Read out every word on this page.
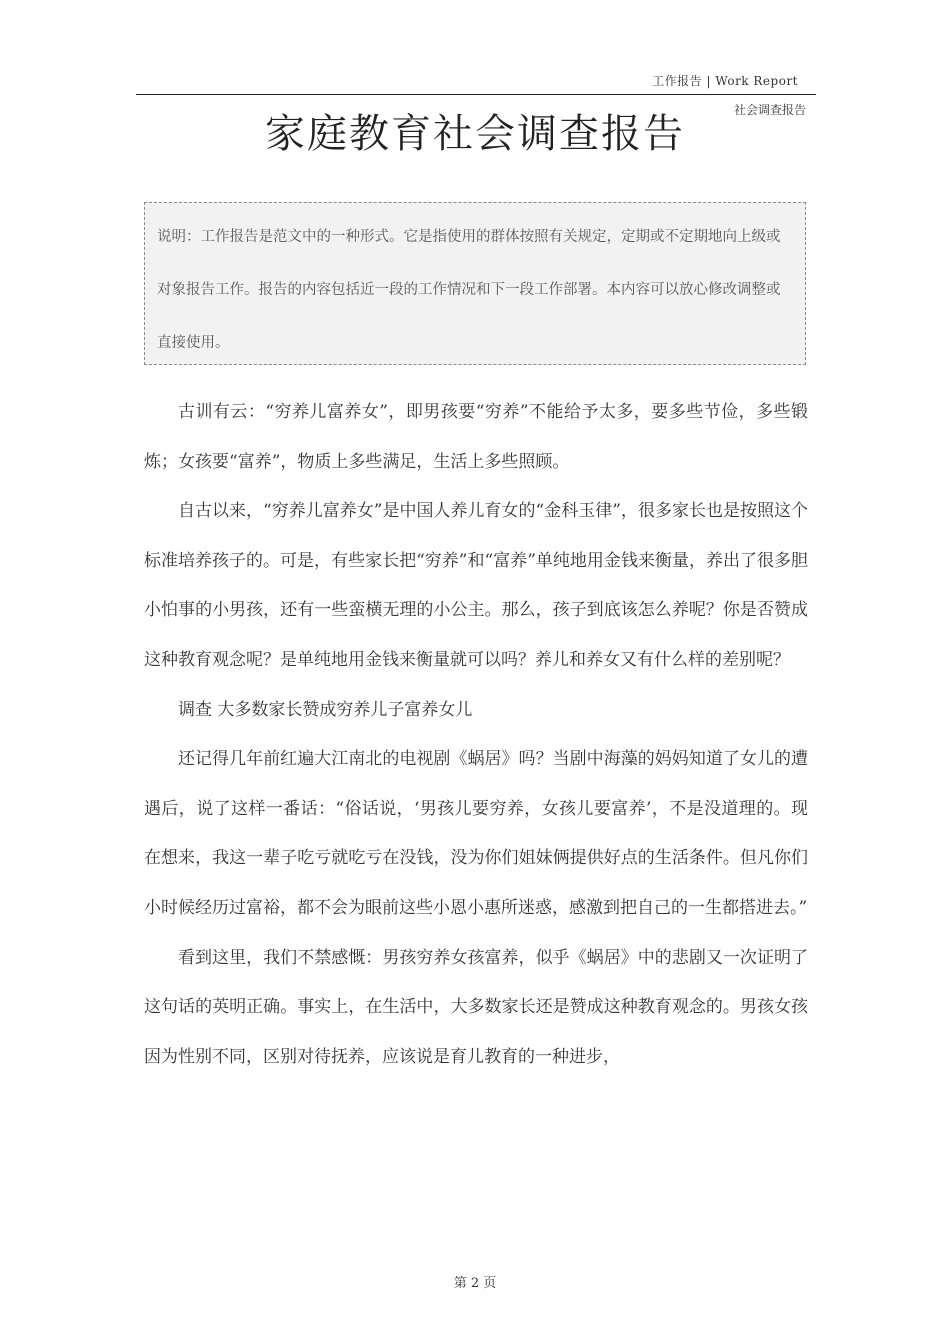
工作报告 | Work Report
社会调查报告
家庭教育社会调查报告
说明：工作报告是范文中的一种形式。它是指使用的群体按照有关规定，定期或不定期地向上级或对象报告工作。报告的内容包括近一段的工作情况和下一段工作部署。本内容可以放心修改调整或直接使用。

古训有云：“穷养儿富养女”，即男孩要“穷养”不能给予太多，要多些节俭，多些锻炼；女孩要“富养”，物质上多些满足，生活上多些照顾。

自古以来，“穷养儿富养女”是中国人养儿育女的“金科玉律”，很多家长也是按照这个标准培养孩子的。可是，有些家长把“穷养”和“富养”单纯地用金钱来衡量，养出了很多胆小怕事的小男孩，还有一些蛮横无理的小公主。那么，孩子到底该怎么养呢？你是否赞成这种教育观念呢？是单纯地用金钱来衡量就可以吗？养儿和养女又有什么样的差别呢？

调查 大多数家长赞成穷养儿子富养女儿

还记得几年前红遍大江南北的电视剧《蜗居》吗？当剧中海藻的妈妈知道了女儿的遭遇后，说了这样一番话：“俗话说，‘男孩儿要穷养，女孩儿要富养’，不是没道理的。现在想来，我这一辈子吃亏就吃亏在没钱，没为你们姐妹俩提供好点的生活条件。但凡你们小时候经历过富裕，都不会为眼前这些小恩小惠所迷惑，感激到把自己的一生都搭进去。”

看到这里，我们不禁感慨：男孩穷养女孩富养，似乎《蜗居》中的悲剧又一次证明了这句话的英明正确。事实上，在生活中，大多数家长还是赞成这种教育观念的。男孩女孩因为性别不同，区别对待抚养，应该说是育儿教育的一种进步，

第 2 页
